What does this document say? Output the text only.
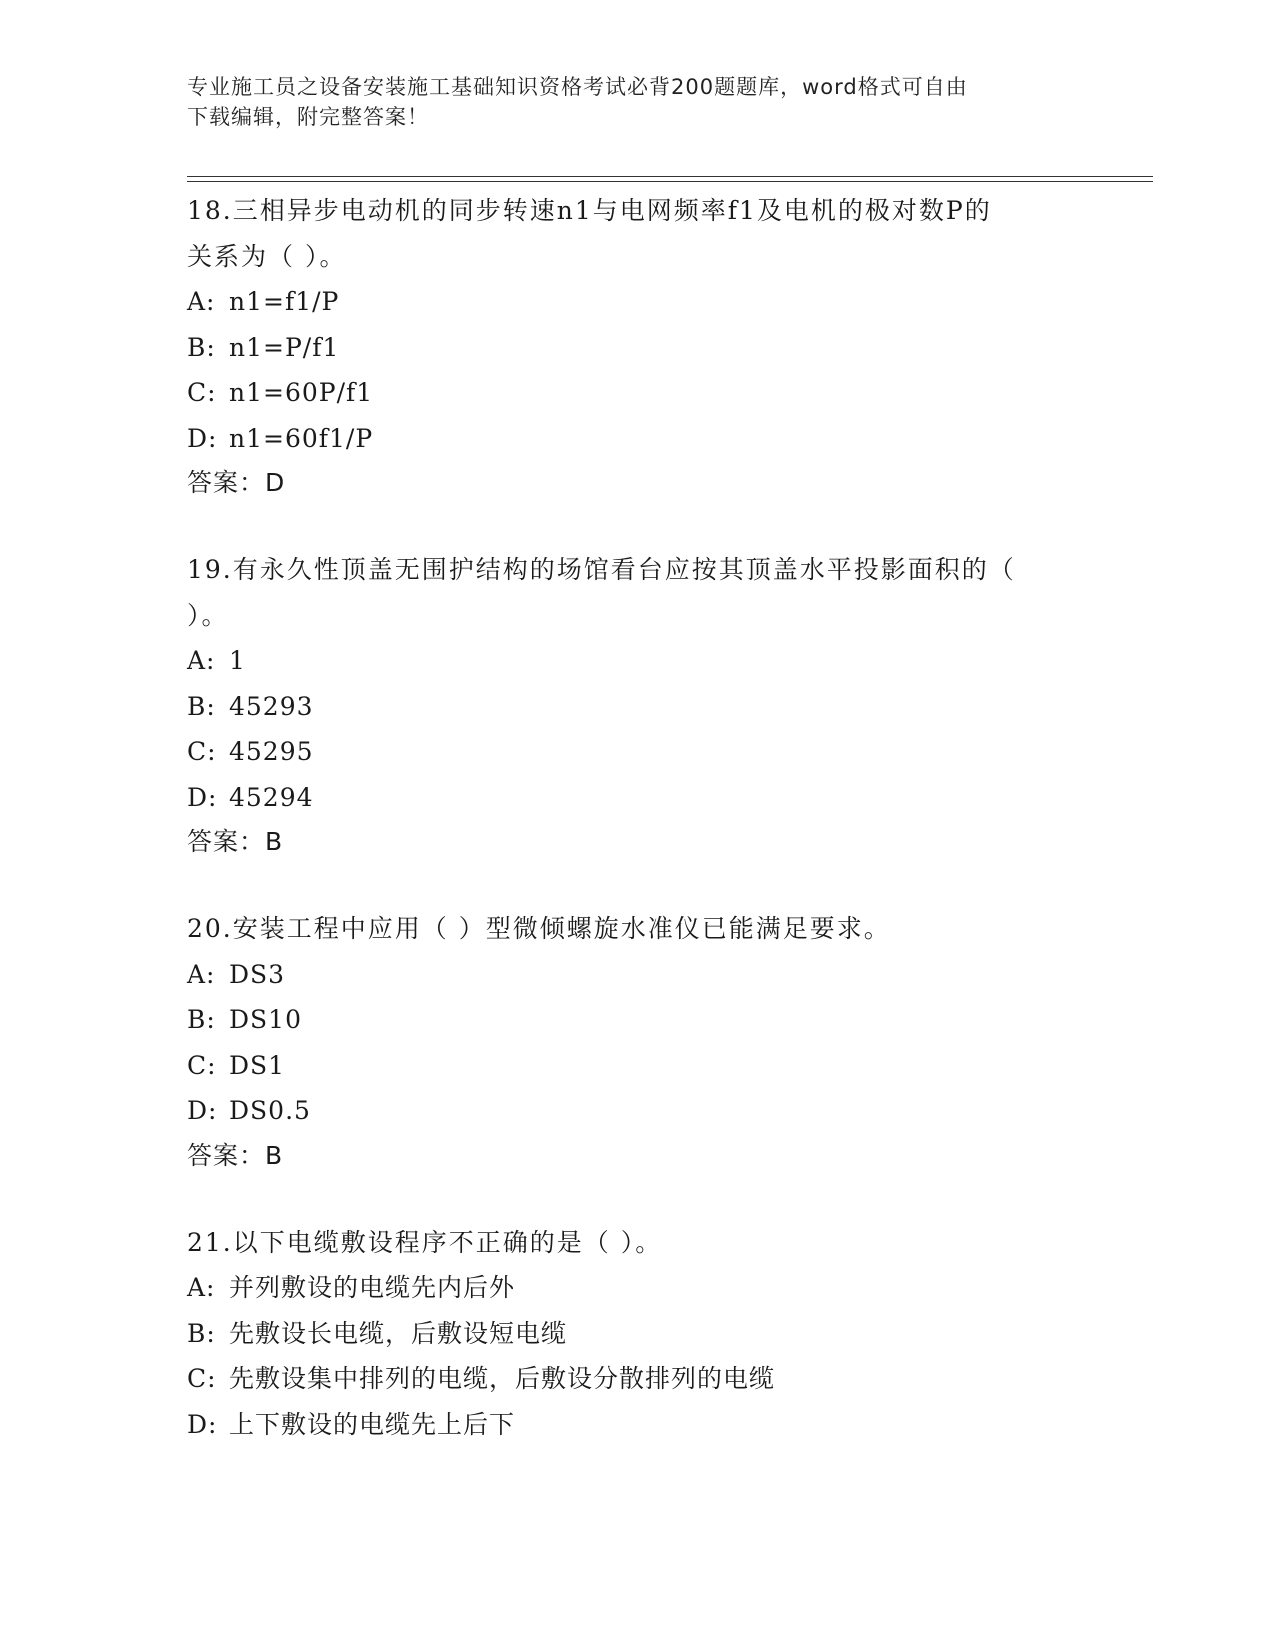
专业施工员之设备安装施工基础知识资格考试必背200题题库，word格式可自由
下载编辑，附完整答案！

18.三相异步电动机的同步转速n1与电网频率f1及电机的极对数P的

关系为（ ）。

A: n1=f1/P

B: n1=P/f1

C: n1=60P/f1

D: n1=60f1/P

答案：D

19.有永久性顶盖无围护结构的场馆看台应按其顶盖水平投影面积的（

）。

A: 1

B: 45293

C: 45295

D: 45294

答案：B

20.安装工程中应用（ ）型微倾螺旋水准仪已能满足要求。

A: DS3

B: DS10

C: DS1

D: DS0.5

答案：B

21.以下电缆敷设程序不正确的是（ ）。

A: 并列敷设的电缆先内后外

B: 先敷设长电缆，后敷设短电缆

C: 先敷设集中排列的电缆，后敷设分散排列的电缆

D: 上下敷设的电缆先上后下
